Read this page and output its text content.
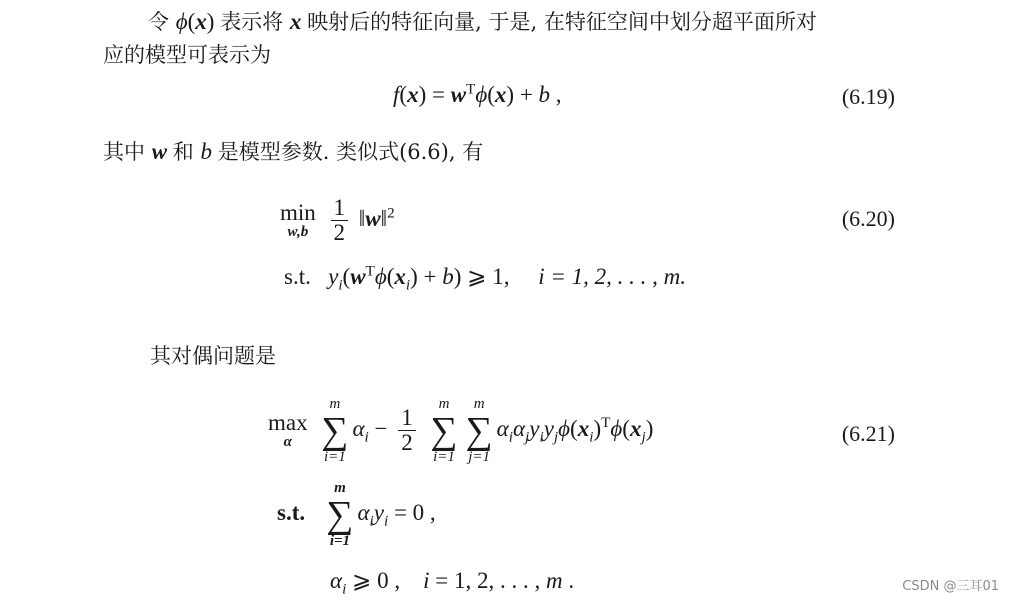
令 ϕ(x) 表示将 x 映射后的特征向量, 于是, 在特征空间中划分超平面所对
应的模型可表示为
$f(x) = w^T\phi(x) + b$ ,	(6.19)
其中 w 和 b 是模型参数. 类似式(6.6), 有
min
w,b
$\frac{1}{2}$ ‖w‖$^2$	(6.20)
s.t. $y_i(w^T\phi(x_i) + b)$ ⩾ 1,     i = 1, 2, . . . , m.
其对偶问题是
max
α

m
∑
i=1
$\alpha_i - \frac{1}{2}$

m
∑
i=1
m
∑
j=1
$\alpha_i\alpha_jy_iy_j\phi(x_i)^T\phi(x_j)$	(6.21)
s.t.
m
∑
i=1
$\alpha_iy_i = 0$ ,
$\alpha_i$ ⩾ 0 ,    i = 1, 2, . . . , m .	CSDN @三耳01
